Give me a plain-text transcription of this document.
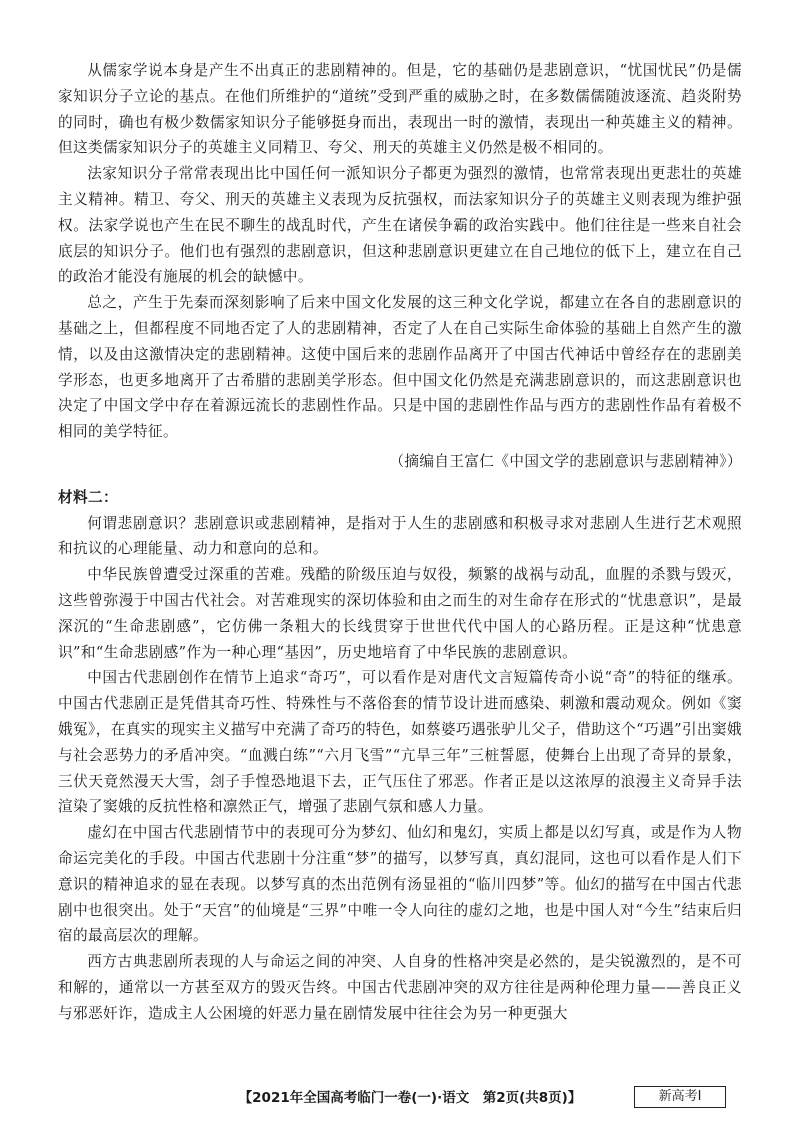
从儒家学说本身是产生不出真正的悲剧精神的。但是，它的基础仍是悲剧意识，“忧国忧民”仍是儒家知识分子立论的基点。在他们所维护的“道统”受到严重的威胁之时，在多数儒儒随波逐流、趋炎附势的同时，确也有极少数儒家知识分子能够挺身而出，表现出一时的激情，表现出一种英雄主义的精神。但这类儒家知识分子的英雄主义同精卫、夸父、刑天的英雄主义仍然是极不相同的。

法家知识分子常常表现出比中国任何一派知识分子都更为强烈的激情，也常常表现出更悲壮的英雄主义精神。精卫、夸父、刑天的英雄主义表现为反抗强权，而法家知识分子的英雄主义则表现为维护强权。法家学说也产生在民不聊生的战乱时代，产生在诸侯争霸的政治实践中。他们往往是一些来自社会底层的知识分子。他们也有强烈的悲剧意识，但这种悲剧意识更建立在自己地位的低下上，建立在自己的政治才能没有施展的机会的缺憾中。

总之，产生于先秦而深刻影响了后来中国文化发展的这三种文化学说，都建立在各自的悲剧意识的基础之上，但都程度不同地否定了人的悲剧精神，否定了人在自己实际生命体验的基础上自然产生的激情，以及由这激情决定的悲剧精神。这使中国后来的悲剧作品离开了中国古代神话中曾经存在的悲剧美学形态，也更多地离开了古希腊的悲剧美学形态。但中国文化仍然是充满悲剧意识的，而这悲剧意识也决定了中国文学中存在着源远流长的悲剧性作品。只是中国的悲剧性作品与西方的悲剧性作品有着极不相同的美学特征。

（摘编自王富仁《中国文学的悲剧意识与悲剧精神》）
材料二：

何谓悲剧意识？悲剧意识或悲剧精神，是指对于人生的悲剧感和积极寻求对悲剧人生进行艺术观照和抗议的心理能量、动力和意向的总和。

中华民族曾遭受过深重的苦难。残酷的阶级压迫与奴役，频繁的战祸与动乱，血腥的杀戮与毁灭，这些曾弥漫于中国古代社会。对苦难现实的深切体验和由之而生的对生命存在形式的“忧患意识”，是最深沉的“生命悲剧感”，它仿佛一条粗大的长线贯穿于世世代代中国人的心路历程。正是这种“忧患意识”和“生命悲剧感”作为一种心理“基因”，历史地培育了中华民族的悲剧意识。

中国古代悲剧创作在情节上追求“奇巧”，可以看作是对唐代文言短篇传奇小说“奇”的特征的继承。中国古代悲剧正是凭借其奇巧性、特殊性与不落俗套的情节设计进而感染、刺激和震动观众。例如《窦娥冤》，在真实的现实主义描写中充满了奇巧的特色，如蔡婆巧遇张驴儿父子，借助这个“巧遇”引出窦娥与社会恶势力的矛盾冲突。“血溅白练”“六月飞雪”“亢旱三年”三桩誓愿，使舞台上出现了奇异的景象，三伏天竟然漫天大雪，刽子手惶恐地退下去，正气压住了邪恶。作者正是以这浓厚的浪漫主义奇异手法渲染了窦娥的反抗性格和凛然正气，增强了悲剧气氛和感人力量。

虚幻在中国古代悲剧情节中的表现可分为梦幻、仙幻和鬼幻，实质上都是以幻写真，或是作为人物命运完美化的手段。中国古代悲剧十分注重“梦”的描写，以梦写真，真幻混同，这也可以看作是人们下意识的精神追求的显在表现。以梦写真的杰出范例有汤显祖的“临川四梦”等。仙幻的描写在中国古代悲剧中也很突出。处于“天宫”的仙境是“三界”中唯一令人向往的虚幻之地，也是中国人对“今生”结束后归宿的最高层次的理解。

西方古典悲剧所表现的人与命运之间的冲突、人自身的性格冲突是必然的，是尖锐激烈的，是不可和解的，通常以一方甚至双方的毁灭告终。中国古代悲剧冲突的双方往往是两种伦理力量——善良正义与邪恶奸诈，造成主人公困境的奸恶力量在剧情发展中往往会为另一种更强大

【2021年全国高考临门一卷(一)·语文　第2页(共8页)】	新高考Ⅰ
